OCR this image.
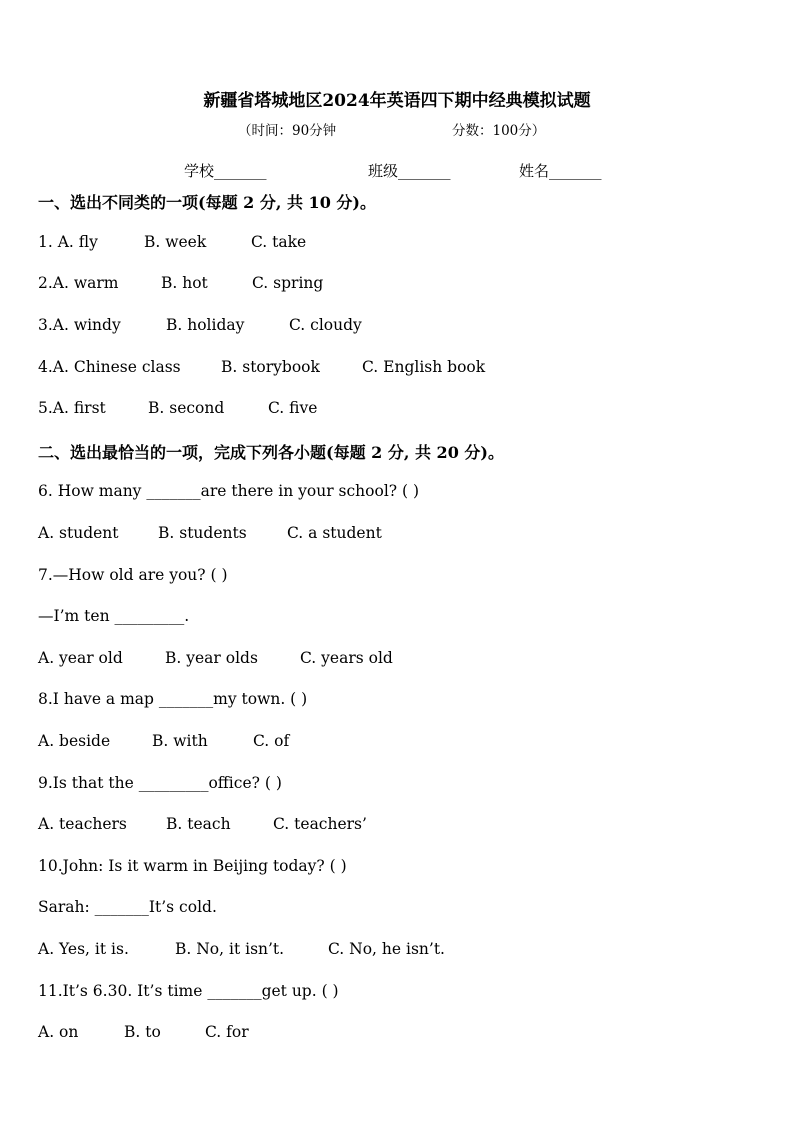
新疆省塔城地区2024年英语四下期中经典模拟试题
（时间：90分钟	分数：100分）
学校_______	班级_______	姓名_______
一、选出不同类的一项(每题 2 分, 共 10 分)。
1. A. fly	B. week	C. take
2.A. warm	B. hot	C. spring
3.A. windy	B. holiday	C. cloudy
4.A. Chinese class	B. storybook	C. English book
5.A. first	B. second	C. five
二、选出最恰当的一项，完成下列各小题(每题 2 分, 共 20 分)。
6. How many _______are there in your school? ( )
A. student	B. students	C. a student
7.—How old are you? ( )
—I’m ten _________.
A. year old	B. year olds	C. years old
8.I have a map _______my town. ( )
A. beside	B. with	C. of
9.Is that the _________office? ( )
A. teachers	B. teach	C. teachers’
10.John: Is it warm in Beijing today? ( )
Sarah: _______It’s cold.
A. Yes, it is.	B. No, it isn’t.	C. No, he isn’t.
11.It’s 6.30. It’s time _______get up. ( )
A. on	B. to	C. for
